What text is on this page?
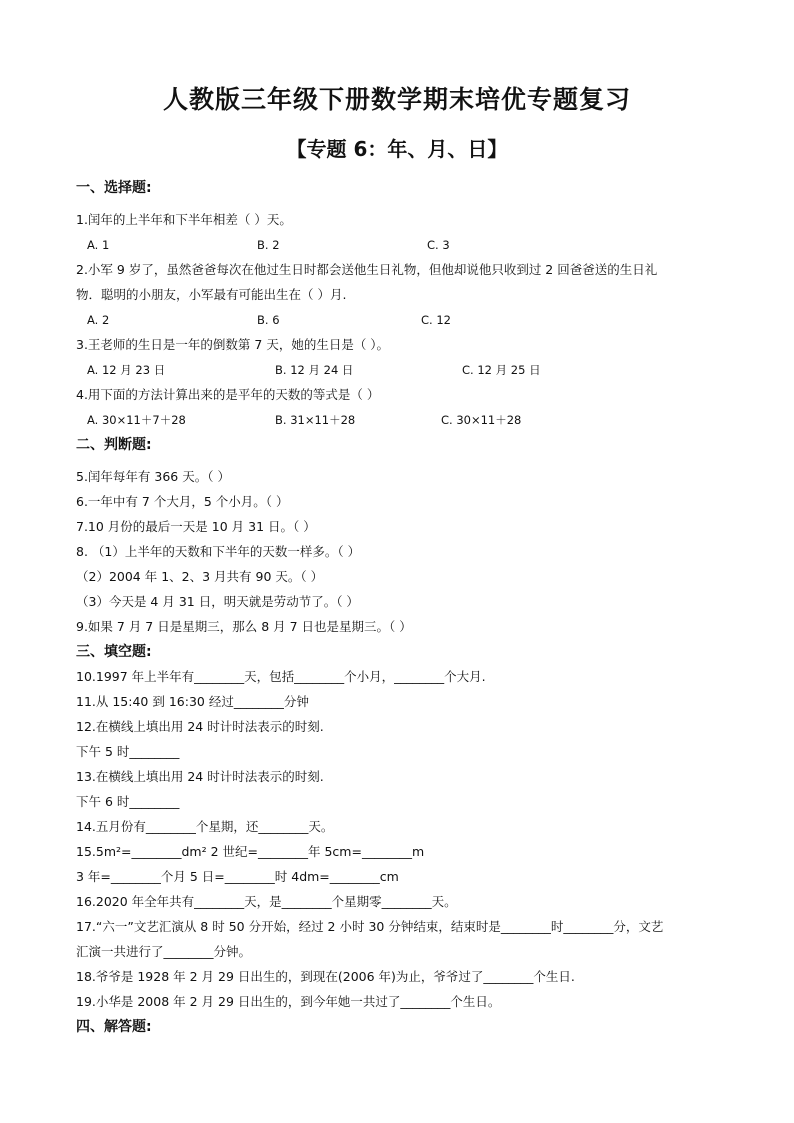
人教版三年级下册数学期末培优专题复习
【专题 6：年、月、日】
一、选择题:
1.闰年的上半年和下半年相差（ ）天。
A. 1	B. 2	C. 3
2.小军 9 岁了，虽然爸爸每次在他过生日时都会送他生日礼物，但他却说他只收到过 2 回爸爸送的生日礼
物．聪明的小朋友，小军最有可能出生在（ ）月.
A. 2	B. 6	C. 12
3.王老师的生日是一年的倒数第 7 天，她的生日是（ ）。
A. 12 月 23 日	B. 12 月 24 日	C. 12 月 25 日
4.用下面的方法计算出来的是平年的天数的等式是（ ）
A. 30×11＋7＋28	B. 31×11＋28	C. 30×11＋28
二、判断题:
5.闰年每年有 366 天。（ ）
6.一年中有 7 个大月，5 个小月。（ ）
7.10 月份的最后一天是 10 月 31 日。（ ）
8. （1）上半年的天数和下半年的天数一样多。（ ）
（2）2004 年 1、2、3 月共有 90 天。（ ）
（3）今天是 4 月 31 日，明天就是劳动节了。（ ）
9.如果 7 月 7 日是星期三，那么 8 月 7 日也是星期三。（ ）
三、填空题:
10.1997 年上半年有________天，包括________个小月，________个大月.
11.从 15:40 到 16:30 经过________分钟
12.在横线上填出用 24 时计时法表示的时刻.
下午 5 时________
13.在横线上填出用 24 时计时法表示的时刻.
下午 6 时________
14.五月份有________个星期，还________天。
15.5m²=________dm² 2 世纪=________年 5cm=________m
3 年=________个月 5 日=________时 4dm=________cm
16.2020 年全年共有________天，是________个星期零________天。
17.“六一”文艺汇演从 8 时 50 分开始，经过 2 小时 30 分钟结束，结束时是________时________分，文艺
汇演一共进行了________分钟。
18.爷爷是 1928 年 2 月 29 日出生的，到现在(2006 年)为止，爷爷过了________个生日.
19.小华是 2008 年 2 月 29 日出生的，到今年她一共过了________个生日。
四、解答题:
